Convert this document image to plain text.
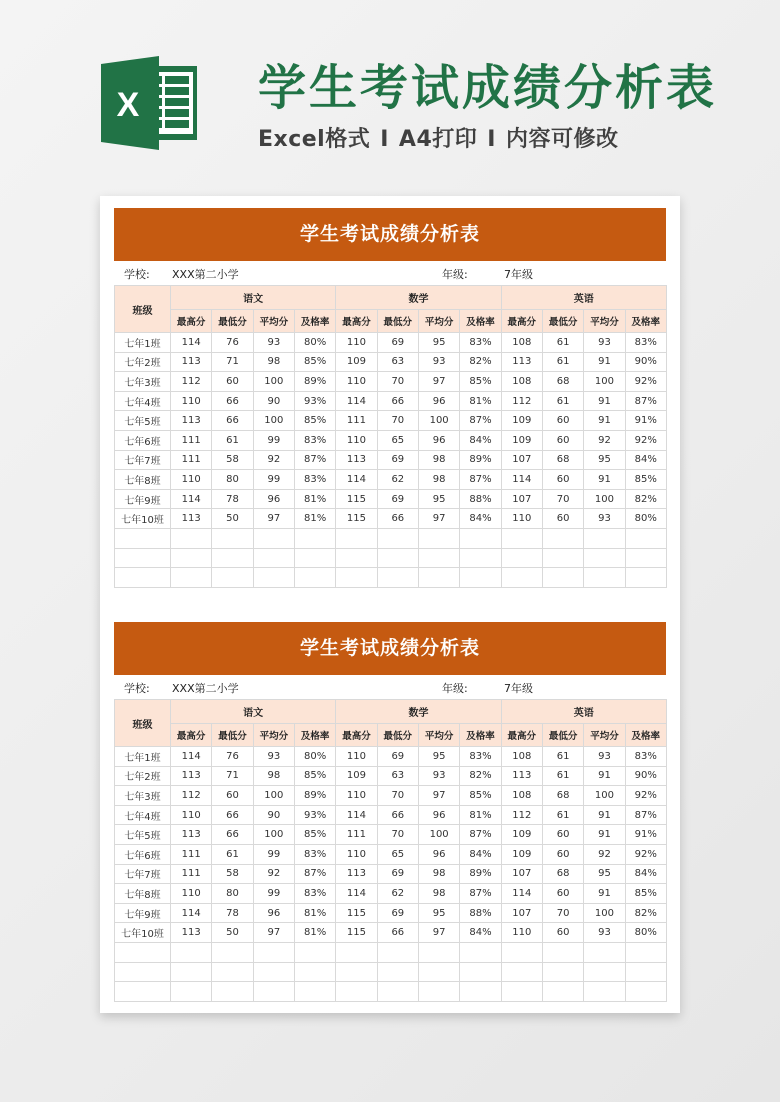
X 学生考试成绩分析表
Excel格式 I A4打印 I 内容可修改
学生考试成绩分析表
学校: XXX第二小学	年级:	7年级
班级	语文				数学				英语			
	最高分	最低分	平均分	及格率	最高分	最低分	平均分	及格率	最高分	最低分	平均分	及格率
七年1班	114	76	93	80%	110	69	95	83%	108	61	93	83%
七年2班	113	71	98	85%	109	63	93	82%	113	61	91	90%
七年3班	112	60	100	89%	110	70	97	85%	108	68	100	92%
七年4班	110	66	90	93%	114	66	96	81%	112	61	91	87%
七年5班	113	66	100	85%	111	70	100	87%	109	60	91	91%
七年6班	111	61	99	83%	110	65	96	84%	109	60	92	92%
七年7班	111	58	92	87%	113	69	98	89%	107	68	95	84%
七年8班	110	80	99	83%	114	62	98	87%	114	60	91	85%
七年9班	114	78	96	81%	115	69	95	88%	107	70	100	82%
七年10班	113	50	97	81%	115	66	97	84%	110	60	93	80%

学生考试成绩分析表
学校: XXX第二小学	年级:	7年级
班级	语文				数学				英语			
	最高分	最低分	平均分	及格率	最高分	最低分	平均分	及格率	最高分	最低分	平均分	及格率
七年1班	114	76	93	80%	110	69	95	83%	108	61	93	83%
七年2班	113	71	98	85%	109	63	93	82%	113	61	91	90%
七年3班	112	60	100	89%	110	70	97	85%	108	68	100	92%
七年4班	110	66	90	93%	114	66	96	81%	112	61	91	87%
七年5班	113	66	100	85%	111	70	100	87%	109	60	91	91%
七年6班	111	61	99	83%	110	65	96	84%	109	60	92	92%
七年7班	111	58	92	87%	113	69	98	89%	107	68	95	84%
七年8班	110	80	99	83%	114	62	98	87%	114	60	91	85%
七年9班	114	78	96	81%	115	69	95	88%	107	70	100	82%
七年10班	113	50	97	81%	115	66	97	84%	110	60	93	80%
